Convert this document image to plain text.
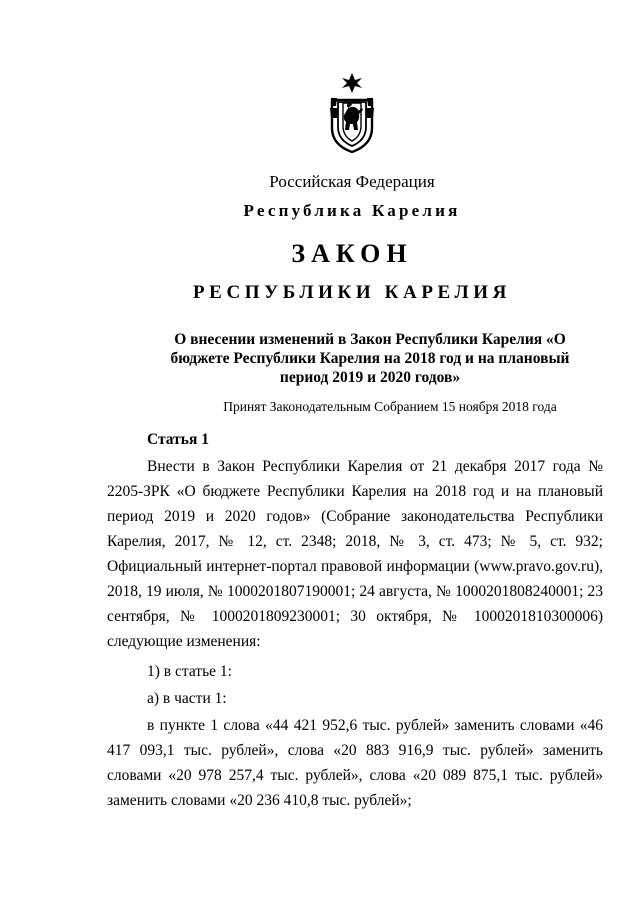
Российская Федерация
Республика Карелия
ЗАКОН
РЕСПУБЛИКИ КАРЕЛИЯ
О внесении изменений в Закон Республики Карелия «О бюджете Республики Карелия на 2018 год и на плановый период 2019 и 2020 годов»
Принят Законодательным Собранием 15 ноября 2018 года
Статья 1

Внести в Закон Республики Карелия от 21 декабря 2017 года № 2205-ЗРК «О бюджете Республики Карелия на 2018 год и на плановый период 2019 и 2020 годов» (Собрание законодательства Республики Карелия, 2017, № 12, ст. 2348; 2018, № 3, ст. 473; № 5, ст. 932; Официальный интернет-портал правовой информации (www.pravo.gov.ru), 2018, 19 июля, № 1000201807190001; 24 августа, № 1000201808240001; 23 сентября, № 1000201809230001; 30 октября, № 1000201810300006) следующие изменения:

1) в статье 1:

а) в части 1:

в пункте 1 слова «44 421 952,6 тыс. рублей» заменить словами «46 417 093,1 тыс. рублей», слова «20 883 916,9 тыс. рублей» заменить словами «20 978 257,4 тыс. рублей», слова «20 089 875,1 тыс. рублей» заменить словами «20 236 410,8 тыс. рублей»;
